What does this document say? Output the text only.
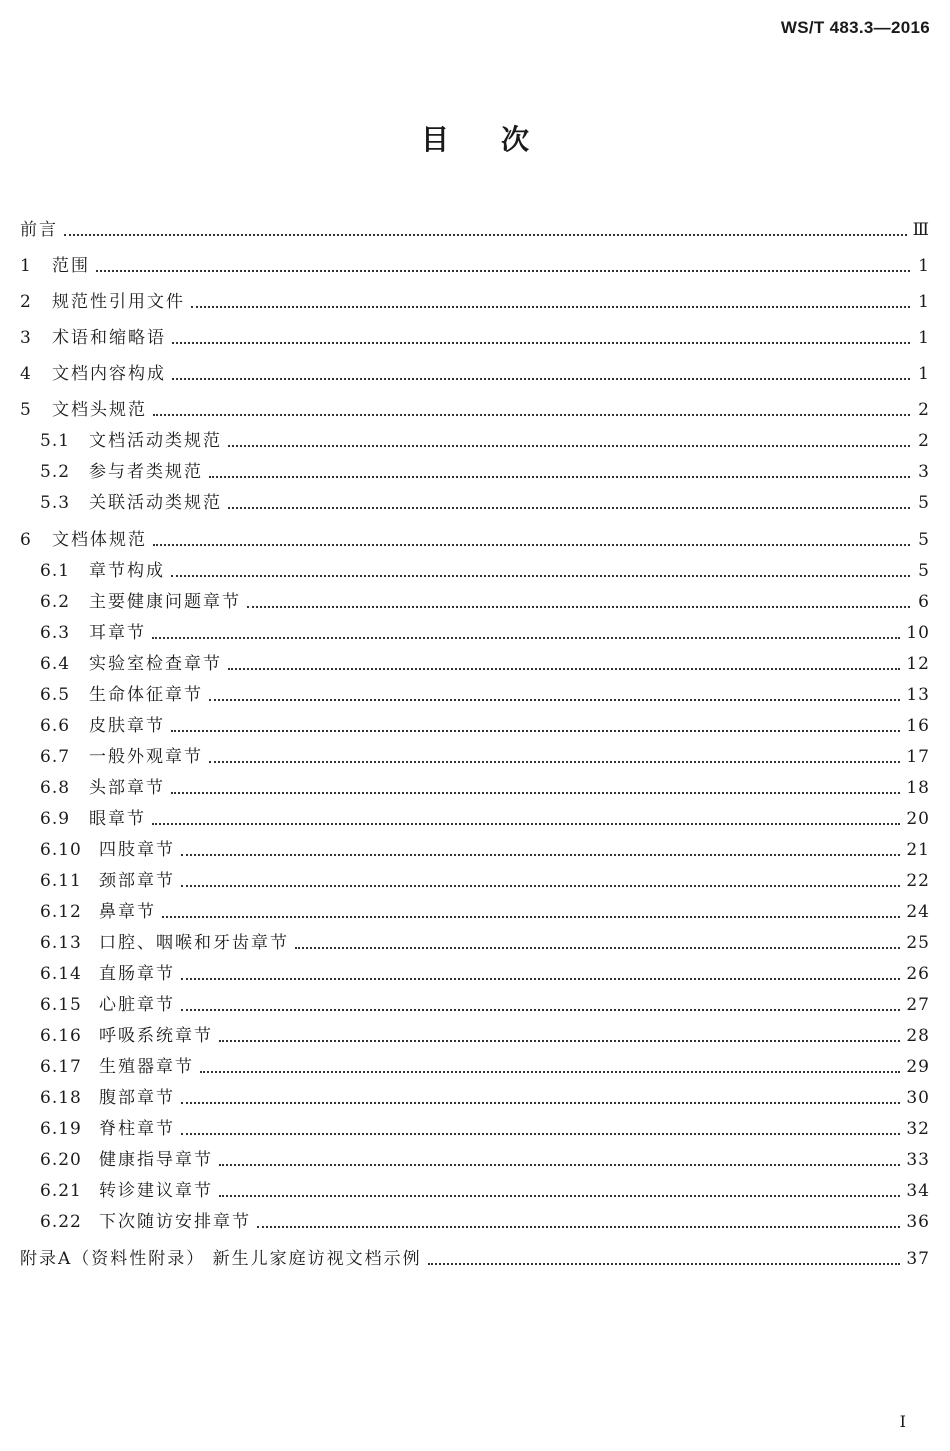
WS/T 483.3—2016
目次
前言	Ⅲ
1	范围	1
2	规范性引用文件	1
3	术语和缩略语	1
4	文档内容构成	1
5	文档头规范	2
5.1	文档活动类规范	2
5.2	参与者类规范	3
5.3	关联活动类规范	5
6	文档体规范	5
6.1	章节构成	5
6.2	主要健康问题章节	6
6.3	耳章节	10
6.4	实验室检查章节	12
6.5	生命体征章节	13
6.6	皮肤章节	16
6.7	一般外观章节	17
6.8	头部章节	18
6.9	眼章节	20
6.10	四肢章节	21
6.11	颈部章节	22
6.12	鼻章节	24
6.13	口腔、咽喉和牙齿章节	25
6.14	直肠章节	26
6.15	心脏章节	27
6.16	呼吸系统章节	28
6.17	生殖器章节	29
6.18	腹部章节	30
6.19	脊柱章节	32
6.20	健康指导章节	33
6.21	转诊建议章节	34
6.22	下次随访安排章节	36
附录A（资料性附录） 新生儿家庭访视文档示例	37
I
